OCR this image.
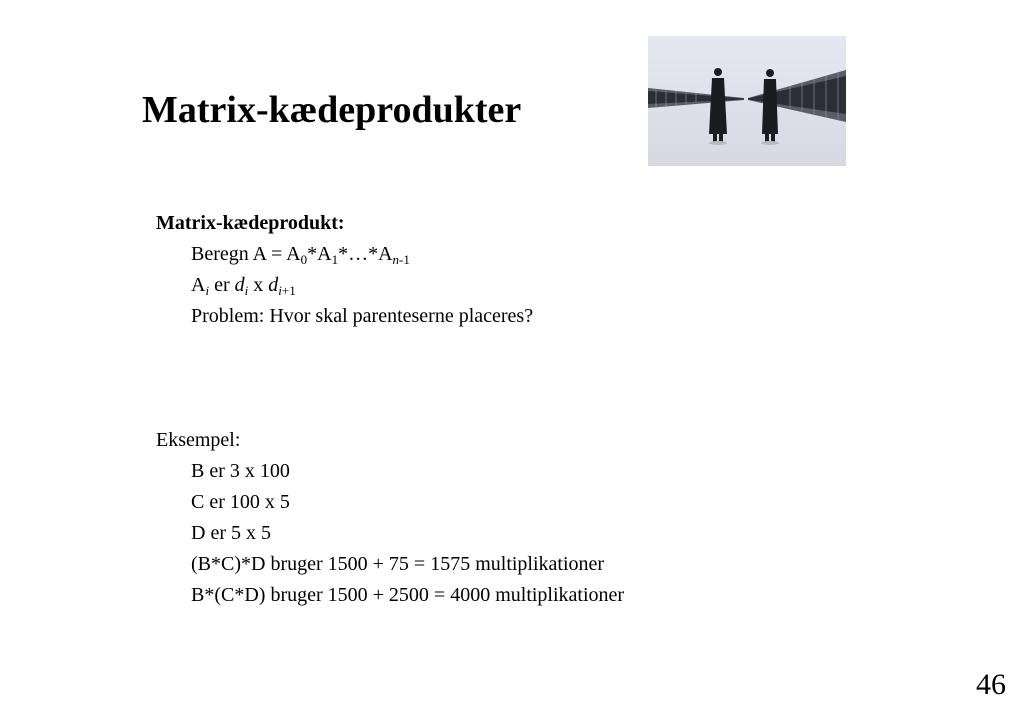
Matrix-kædeprodukter
Matrix-kædeprodukt:
Beregn $A = A_0*A_1*\dots*A_{n-1}$
$A_i$ er $d_i$ x $d_{i+1}$
Problem: Hvor skal parenteserne placeres?
Eksempel:
B er 3 x 100
C er 100 x 5
D er 5 x 5
(B*C)*D bruger 1500 + 75 = 1575 multiplikationer
B*(C*D) bruger 1500 + 2500 = 4000 multiplikationer
46
